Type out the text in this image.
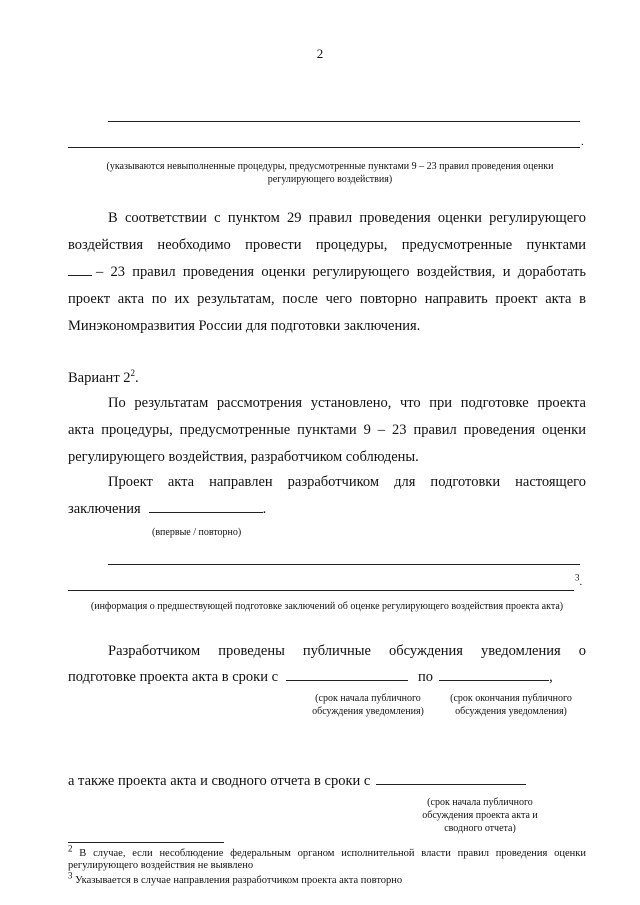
2
.
(указываются невыполненные процедуры, предусмотренные пунктами 9 – 23 правил проведения оценки регулирующего воздействия)
В соответствии с пунктом 29 правил проведения оценки регулирующего
воздействия необходимо провести процедуры, предусмотренные пунктами
– 23 правил проведения оценки регулирующего воздействия, и доработать
проект акта по их результатам, после чего повторно направить проект акта в
Минэкономразвития России для подготовки заключения.
Вариант $2^2$.
По результатам рассмотрения установлено, что при подготовке проекта
акта процедуры, предусмотренные пунктами 9 – 23 правил проведения оценки
регулирующего воздействия, разработчиком соблюдены.
Проект акта направлен разработчиком для подготовки настоящего
заключения	.
(впервые / повторно)
$^3$.
(информация о предшествующей подготовке заключений об оценке регулирующего воздействия проекта акта)
Разработчиком проведены публичные обсуждения уведомления о
подготовке проекта акта в сроки с	по	,
(срок начала публичного обсуждения уведомления)
(срок окончания публичного обсуждения уведомления)
а также проекта акта и сводного отчета в сроки с
(срок начала публичного обсуждения проекта акта и сводного отчета)
2 В случае, если несоблюдение федеральным органом исполнительной власти правил проведения оценки регулирующего воздействия не выявлено
3 Указывается в случае направления разработчиком проекта акта повторно
